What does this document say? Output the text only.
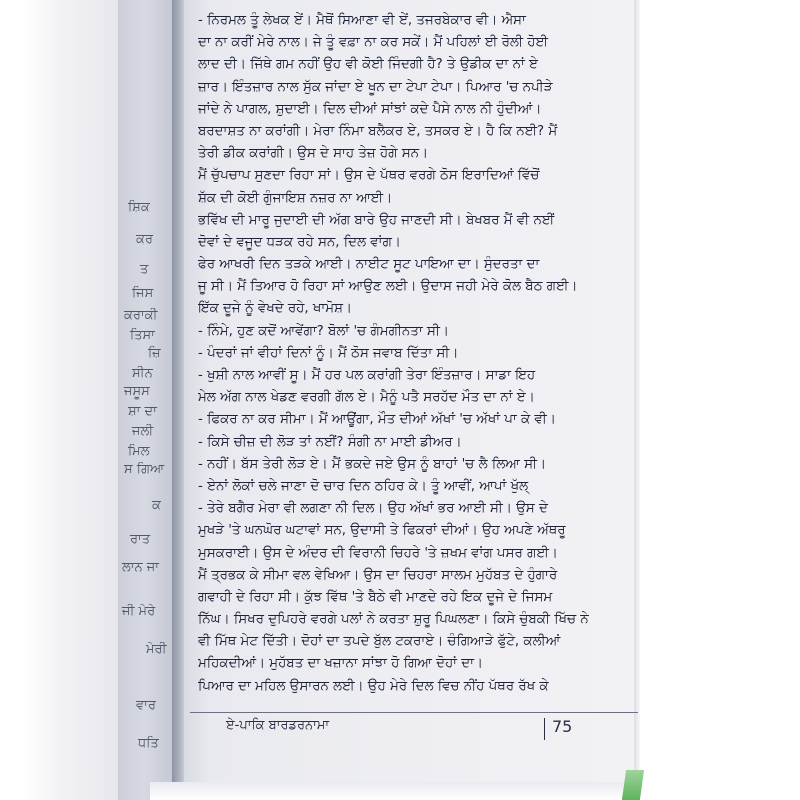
ਸ਼ਿਕ
ਕਰ
ਤ
ਜਿਸ
ਕਰਾਕੀ
ਤਿਸਾ
ਜ਼ਿ
ਸੀਨ
ਜਸੂਸ
ਸ਼ਾ ਦਾ
ਜਲੀ
ਮਿਲ
ਸ ਗਿਆ
ਕ
ਰਾਤ
ਲਾਨ ਜਾ
ਜੀ ਮੇਰੇ
ਮੇਰੀ
ਵਾਰ
ਧਤਿ
- ਨਿਰਮਲ ਤੂੰ ਲੇਖਕ ਏਂ। ਮੈਥੋਂ ਸਿਆਣਾ ਵੀ ਏਂ, ਤਜਰਬੇਕਾਰ ਵੀ। ਐਸਾ
ਦਾ ਨਾ ਕਰੀਂ ਮੇਰੇ ਨਾਲ। ਜੇ ਤੂੰ ਵਫ਼ਾ ਨਾ ਕਰ ਸਕੇਂ। ਮੈਂ ਪਹਿਲਾਂ ਈ ਰੋਲੀ ਹੋਈ
ਲਾਦ ਦੀ। ਜਿੱਥੇ ਗਮ ਨਹੀਂ ਉਹ ਵੀ ਕੋਈ ਜਿੰਦਗੀ ਹੈ? ਤੇ ਉਡੀਕ ਦਾ ਨਾਂ ਏ
ਜ਼ਾਰ। ਇੰਤਜ਼ਾਰ ਨਾਲ ਸੁੱਕ ਜਾਂਦਾ ਏ ਖੂਨ ਦਾ ਟੇਪਾ ਟੇਪਾ। ਪਿਆਰ 'ਚ ਨਪੀੜੇ
ਜਾਂਦੇ ਨੇ ਪਾਗਲ, ਸ਼ੁਦਾਈ। ਦਿਲ ਦੀਆਂ ਸਾਂਝਾਂ ਕਦੇ ਪੈਸੇ ਨਾਲ ਨੀ ਹੁੰਦੀਆਂ।
ਬਰਦਾਸ਼ਤ ਨਾ ਕਰਾਂਗੀ। ਮੇਰਾ ਨਿੰਮਾ ਬਲੈਕਰ ਏ, ਤਸਕਰ ਏ। ਹੈ ਕਿ ਨਈ? ਮੈਂ
ਤੇਰੀ ਡੀਕ ਕਰਾਂਗੀ। ਉਸ ਦੇ ਸਾਹ ਤੇਜ਼ ਹੋਗੇ ਸਨ।
ਮੈਂ ਚੁੱਪਚਾਪ ਸੁਣਦਾ ਰਿਹਾ ਸਾਂ। ਉਸ ਦੇ ਪੱਥਰ ਵਰਗੇ ਠੋਸ ਇਰਾਦਿਆਂ ਵਿੱਚੋਂ
ਸ਼ੱਕ ਦੀ ਕੋਈ ਗੁੰਜਾਇਸ਼ ਨਜ਼ਰ ਨਾ ਆਈ।
ਭਵਿੱਖ ਦੀ ਮਾਰੂ ਜੁਦਾਈ ਦੀ ਅੱਗ ਬਾਰੇ ਉਹ ਜਾਣਦੀ ਸੀ। ਬੇਖਬਰ ਮੈਂ ਵੀ ਨਈਂ
ਦੋਵਾਂ ਦੇ ਵਜੂਦ ਧੜਕ ਰਹੇ ਸਨ, ਦਿਲ ਵਾਂਗ।
ਫੇਰ ਆਖਰੀ ਦਿਨ ਤੜਕੇ ਆਈ। ਨਾਈਟ ਸੂਟ ਪਾਇਆ ਦਾ। ਸੁੰਦਰਤਾ ਦਾ
ਜੂ ਸੀ। ਮੈਂ ਤਿਆਰ ਹੋ ਰਿਹਾ ਸਾਂ ਆਉਣ ਲਈ। ਉਦਾਸ ਜਹੀ ਮੇਰੇ ਕੋਲ ਬੈਠ ਗਈ।
ਇੱਕ ਦੂਜੇ ਨੂੰ ਵੇਖਦੇ ਰਹੇ, ਖਾਮੋਸ਼।
- ਨਿੰਮੇ, ਹੁਣ ਕਦੋਂ ਆਵੇਂਗਾ? ਬੋਲਾਂ 'ਚ ਗੰਮਗੀਨਤਾ ਸੀ।
- ਪੰਦਰਾਂ ਜਾਂ ਵੀਹਾਂ ਦਿਨਾਂ ਨੂੰ। ਮੈਂ ਠੋਸ ਜਵਾਬ ਦਿੱਤਾ ਸੀ।
- ਖੁਸ਼ੀ ਨਾਲ ਆਵੀਂ ਸੂ। ਮੈਂ ਹਰ ਪਲ ਕਰਾਂਗੀ ਤੇਰਾ ਇੰਤਜ਼ਾਰ। ਸਾਡਾ ਇਹ
ਮੇਲ ਅੱਗ ਨਾਲ ਖੇਡਣ ਵਰਗੀ ਗੱਲ ਏ। ਮੈਨੂੰ ਪਤੈ ਸਰਹੱਦ ਮੌਤ ਦਾ ਨਾਂ ਏ।
- ਫਿਕਰ ਨਾ ਕਰ ਸੀਮਾ। ਮੈਂ ਆਊਂਗਾ, ਮੌਤ ਦੀਆਂ ਅੱਖਾਂ 'ਚ ਅੱਖਾਂ ਪਾ ਕੇ ਵੀ।
- ਕਿਸੇ ਚੀਜ਼ ਦੀ ਲੋੜ ਤਾਂ ਨਈਂ? ਸੰਗੀ ਨਾ ਮਾਈ ਡੀਅਰ।
- ਨਹੀਂ। ਬੱਸ ਤੇਰੀ ਲੋੜ ਏ। ਮੈਂ ਭਕਦੇ ਜਏ ਉਸ ਨੂੰ ਬਾਹਾਂ 'ਚ ਲੈ ਲਿਆ ਸੀ।
- ਏਨਾਂ ਲੋਕਾਂ ਚਲੇ ਜਾਣਾ ਦੋ ਚਾਰ ਦਿਨ ਠਹਿਰ ਕੇ। ਤੂੰ ਆਵੀਂ, ਆਪਾਂ ਖੁੱਲ੍
- ਤੇਰੇ ਬਗੈਰ ਮੇਰਾ ਵੀ ਲਗਣਾ ਨੀ ਦਿਲ। ਉਹ ਅੱਖਾਂ ਭਰ ਆਈ ਸੀ। ਉਸ ਦੇ
ਮੁਖੜੇ 'ਤੇ ਘਨਘੋਰ ਘਟਾਵਾਂ ਸਨ, ਉਦਾਸੀ ਤੇ ਫਿਕਰਾਂ ਦੀਆਂ। ਉਹ ਅਪਣੇ ਅੱਥਰੂ
ਮੁਸਕਰਾਈ। ਉਸ ਦੇ ਅੰਦਰ ਦੀ ਵਿਰਾਨੀ ਚਿਹਰੇ 'ਤੇ ਜ਼ਖਮ ਵਾਂਗ ਪਸਰ ਗਈ।
ਮੈਂ ਤ੍ਰਭਕ ਕੇ ਸੀਮਾ ਵਲ ਵੇਖਿਆ। ਉਸ ਦਾ ਚਿਹਰਾ ਸਾਲਮ ਮੁਹੱਬਤ ਦੇ ਹੁੰਗਾਰੇ
ਗਵਾਹੀ ਦੇ ਰਿਹਾ ਸੀ। ਕੁੱਝ ਵਿੱਥ 'ਤੇ ਬੈਠੇ ਵੀ ਮਾਣਦੇ ਰਹੇ ਇਕ ਦੂਜੇ ਦੇ ਜਿਸਮ
ਨਿੱਘ। ਸਿਖਰ ਦੁਪਿਹਰੇ ਵਰਗੇ ਪਲਾਂ ਨੇ ਕਰਤਾ ਸ਼ੁਰੂ ਪਿਘਲਣਾ। ਕਿਸੇ ਚੁੰਬਕੀ ਖਿੱਚ ਨੇ
ਵੀ ਮਿੱਥ ਮੇਟ ਦਿੱਤੀ। ਦੋਹਾਂ ਦਾ ਤਪਦੇ ਬੁੱਲ ਟਕਰਾਏ। ਚੰਗਿਆੜੇ ਫੁੱਟੇ, ਕਲੀਆਂ
ਮਹਿਕਦੀਆਂ। ਮੁਹੱਬਤ ਦਾ ਖਜ਼ਾਨਾ ਸਾਂਝਾ ਹੋ ਗਿਆ ਦੋਹਾਂ ਦਾ।
ਪਿਆਰ ਦਾ ਮਹਿਲ ਉਸਾਰਨ ਲਈ। ਉਹ ਮੇਰੇ ਦਿਲ ਵਿਚ ਨੀਂਹ ਪੱਥਰ ਰੱਖ ਕੇ
ਏ-ਪਾਕਿ ਬਾਰਡਰਨਾਮਾ	75
